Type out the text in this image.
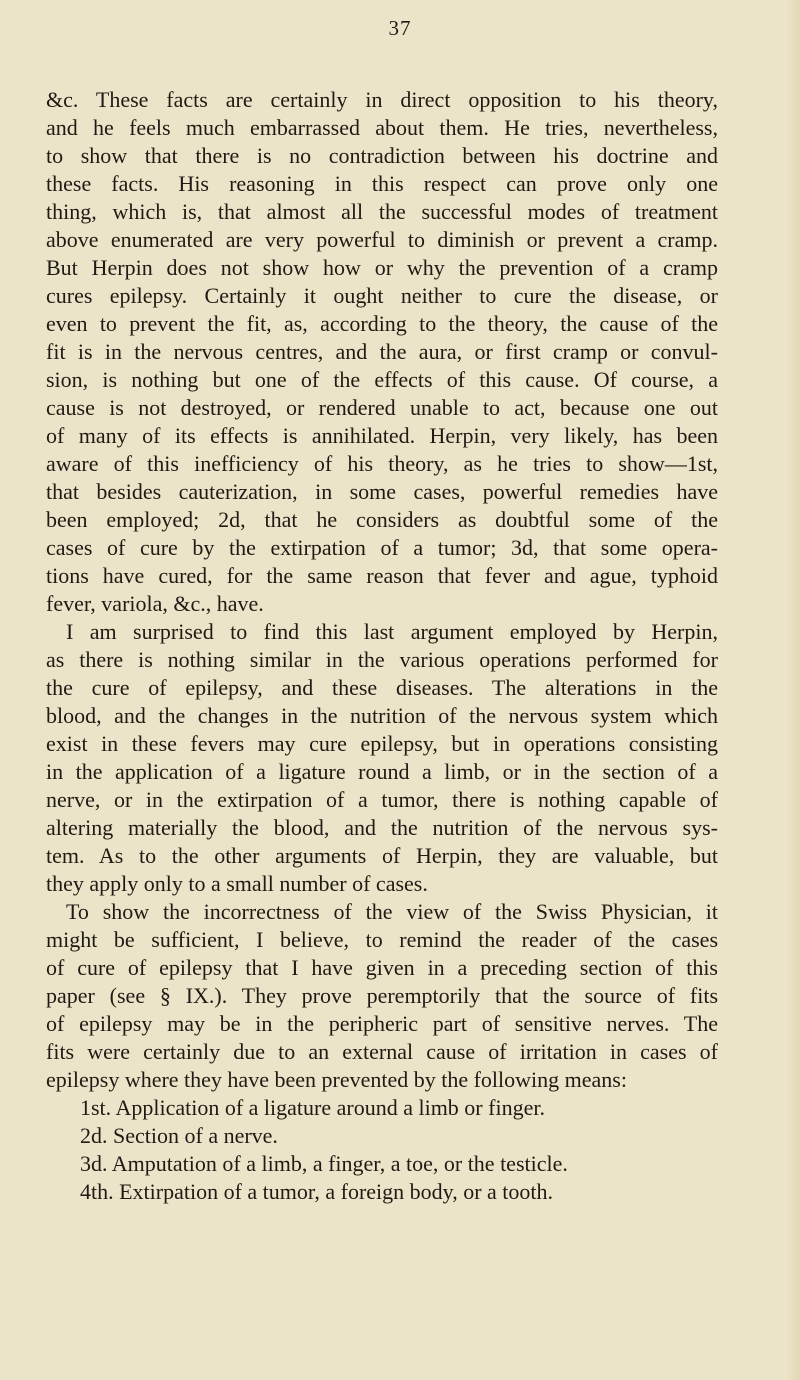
37
&c. These facts are certainly in direct opposition to his theory,
and he feels much embarrassed about them. He tries, nevertheless,
to show that there is no contradiction between his doctrine and
these facts. His reasoning in this respect can prove only one
thing, which is, that almost all the successful modes of treatment
above enumerated are very powerful to diminish or prevent a cramp.
But Herpin does not show how or why the prevention of a cramp
cures epilepsy. Certainly it ought neither to cure the disease, or
even to prevent the fit, as, according to the theory, the cause of the
fit is in the nervous centres, and the aura, or first cramp or convul-
sion, is nothing but one of the effects of this cause. Of course, a
cause is not destroyed, or rendered unable to act, because one out
of many of its effects is annihilated. Herpin, very likely, has been
aware of this inefficiency of his theory, as he tries to show—1st,
that besides cauterization, in some cases, powerful remedies have
been employed; 2d, that he considers as doubtful some of the
cases of cure by the extirpation of a tumor; 3d, that some opera-
tions have cured, for the same reason that fever and ague, typhoid
fever, variola, &c., have.
I am surprised to find this last argument employed by Herpin,
as there is nothing similar in the various operations performed for
the cure of epilepsy, and these diseases. The alterations in the
blood, and the changes in the nutrition of the nervous system which
exist in these fevers may cure epilepsy, but in operations consisting
in the application of a ligature round a limb, or in the section of a
nerve, or in the extirpation of a tumor, there is nothing capable of
altering materially the blood, and the nutrition of the nervous sys-
tem. As to the other arguments of Herpin, they are valuable, but
they apply only to a small number of cases.
To show the incorrectness of the view of the Swiss Physician, it
might be sufficient, I believe, to remind the reader of the cases
of cure of epilepsy that I have given in a preceding section of this
paper (see § IX.). They prove peremptorily that the source of fits
of epilepsy may be in the peripheric part of sensitive nerves. The
fits were certainly due to an external cause of irritation in cases of
epilepsy where they have been prevented by the following means:
1st. Application of a ligature around a limb or finger.
2d. Section of a nerve.
3d. Amputation of a limb, a finger, a toe, or the testicle.
4th. Extirpation of a tumor, a foreign body, or a tooth.
